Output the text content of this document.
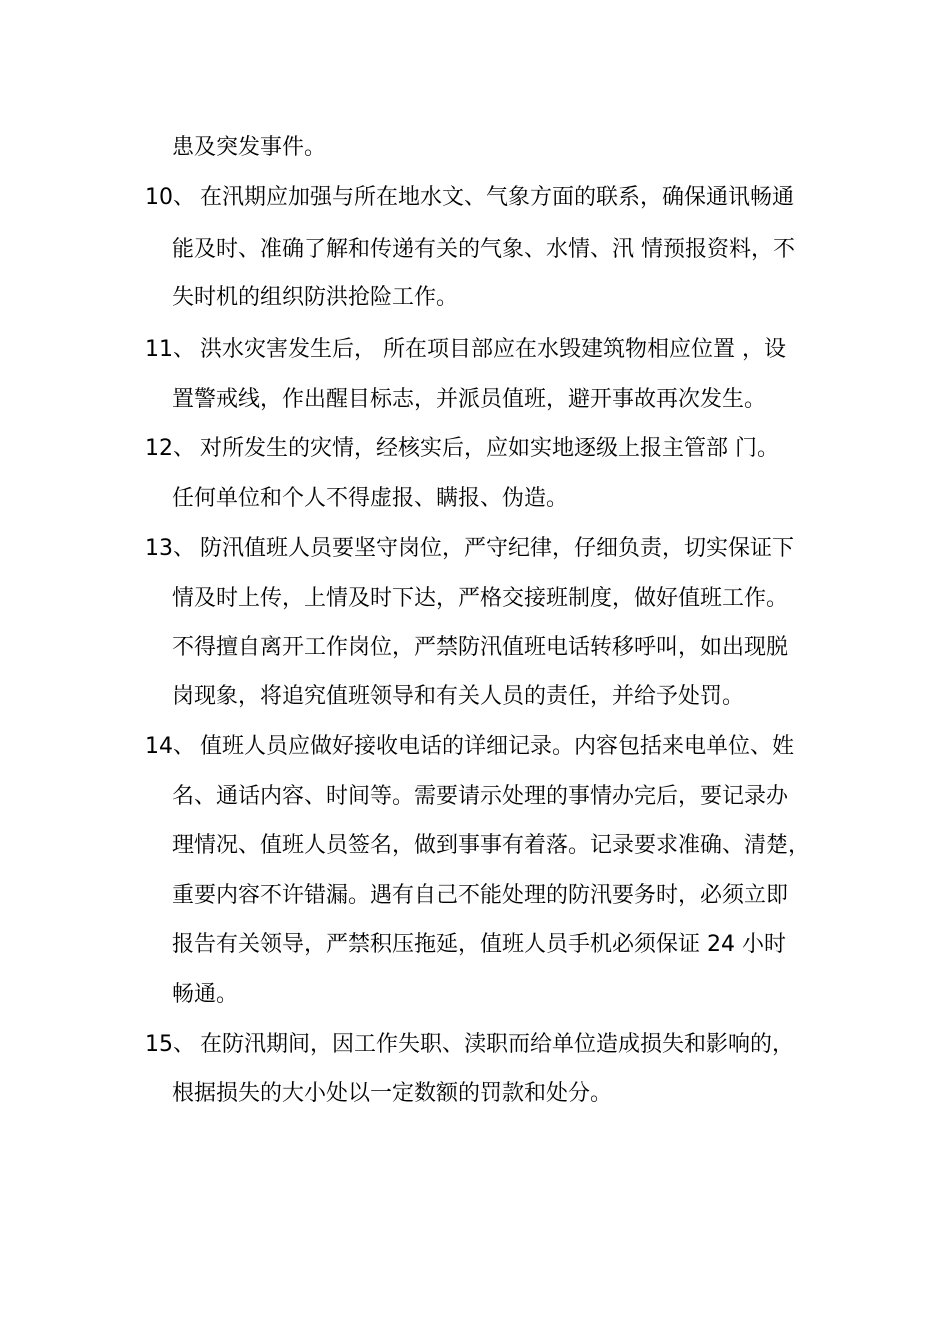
患及突发事件。
10、 在汛期应加强与所在地水文、气象方面的联系，确保通讯畅通
能及时、准确了解和传递有关的气象、水情、汛 情预报资料，不
失时机的组织防洪抢险工作。
11、 洪水灾害发生后， 所在项目部应在水毁建筑物相应位置 ，设
置警戒线，作出醒目标志，并派员值班，避开事故再次发生。
12、 对所发生的灾情，经核实后，应如实地逐级上报主管部 门。
任何单位和个人不得虚报、瞒报、伪造。
13、 防汛值班人员要坚守岗位，严守纪律，仔细负责，切实保证下
情及时上传，上情及时下达，严格交接班制度，做好值班工作。
不得擅自离开工作岗位，严禁防汛值班电话转移呼叫，如出现脱
岗现象，将追究值班领导和有关人员的责任，并给予处罚。
14、 值班人员应做好接收电话的详细记录。内容包括来电单位、姓
名、通话内容、时间等。需要请示处理的事情办完后，要记录办
理情况、值班人员签名，做到事事有着落。记录要求准确、清楚，
重要内容不许错漏。遇有自己不能处理的防汛要务时，必须立即
报告有关领导，严禁积压拖延，值班人员手机必须保证 24 小时
畅通。
15、 在防汛期间，因工作失职、渎职而给单位造成损失和影响的，
根据损失的大小处以一定数额的罚款和处分。
